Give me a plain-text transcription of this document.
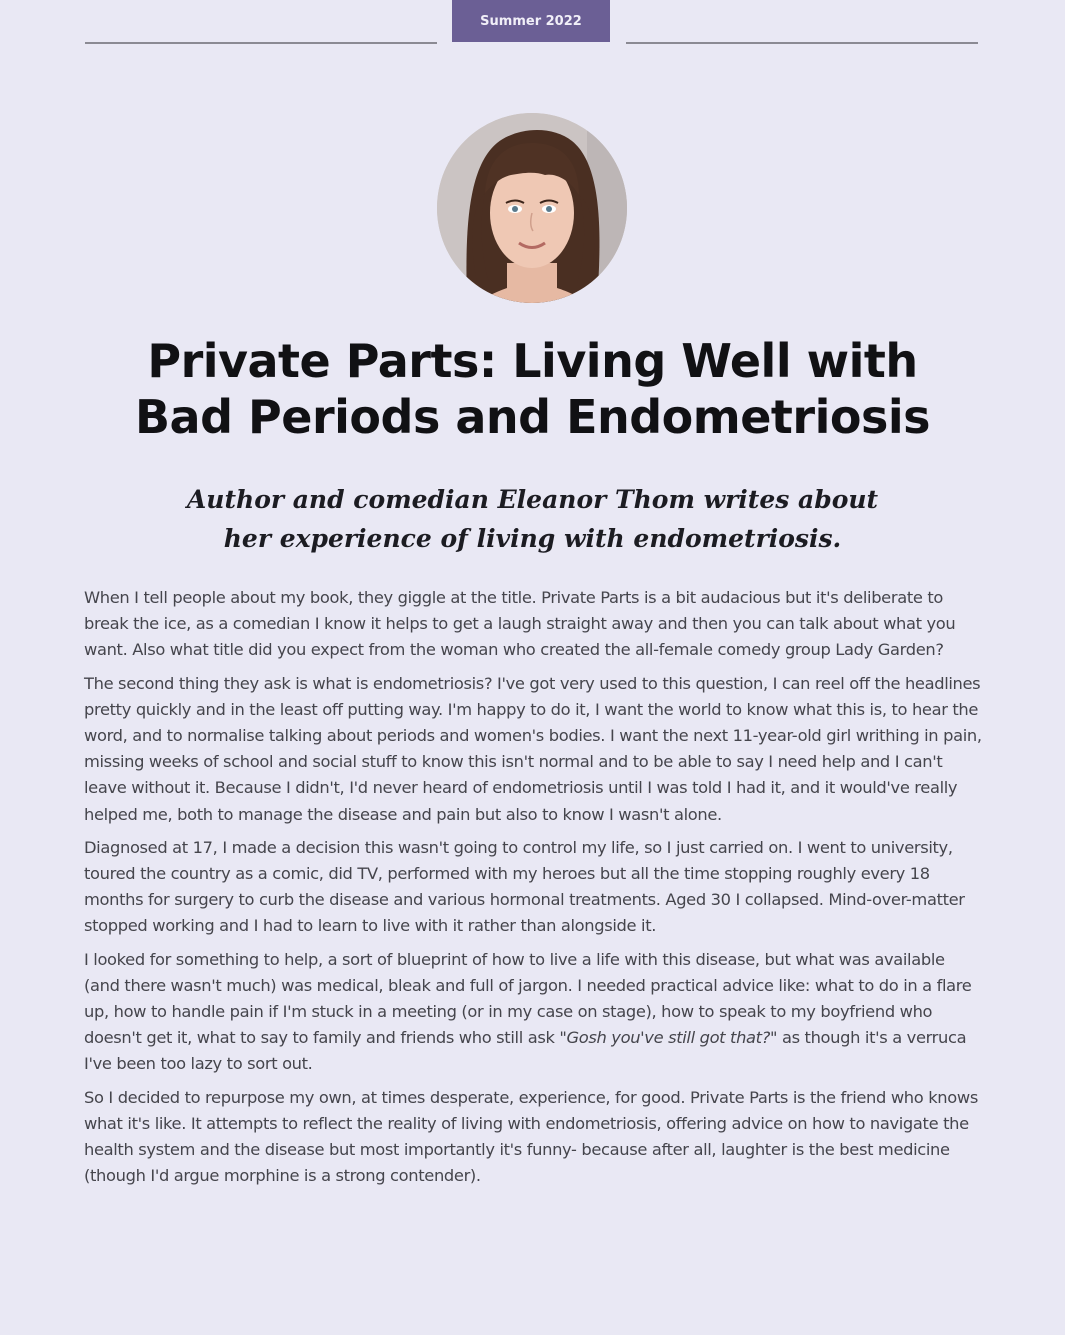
Summer 2022
Private Parts: Living Well with
Bad Periods and Endometriosis
Author and comedian Eleanor Thom writes about
her experience of living with endometriosis.

When I tell people about my book, they giggle at the title. Private Parts is a bit audacious but it's deliberate to break the ice, as a comedian I know it helps to get a laugh straight away and then you can talk about what you want. Also what title did you expect from the woman who created the all-female comedy group Lady Garden?

The second thing they ask is what is endometriosis? I've got very used to this question, I can reel off the headlines pretty quickly and in the least off putting way. I'm happy to do it, I want the world to know what this is, to hear the word, and to normalise talking about periods and women's bodies. I want the next 11-year-old girl writhing in pain, missing weeks of school and social stuff to know this isn't normal and to be able to say I need help and I can't leave without it. Because I didn't, I'd never heard of endometriosis until I was told I had it, and it would've really helped me, both to manage the disease and pain but also to know I wasn't alone.

Diagnosed at 17, I made a decision this wasn't going to control my life, so I just carried on. I went to university, toured the country as a comic, did TV, performed with my heroes but all the time stopping roughly every 18 months for surgery to curb the disease and various hormonal treatments. Aged 30 I collapsed. Mind-over-matter stopped working and I had to learn to live with it rather than alongside it.

I looked for something to help, a sort of blueprint of how to live a life with this disease, but what was available (and there wasn't much) was medical, bleak and full of jargon. I needed practical advice like: what to do in a flare up, how to handle pain if I'm stuck in a meeting (or in my case on stage), how to speak to my boyfriend who doesn't get it, what to say to family and friends who still ask "Gosh you've still got that?" as though it's a verruca I've been too lazy to sort out.

So I decided to repurpose my own, at times desperate, experience, for good. Private Parts is the friend who knows what it's like. It attempts to reflect the reality of living with endometriosis, offering advice on how to navigate the health system and the disease but most importantly it's funny- because after all, laughter is the best medicine (though I'd argue morphine is a strong contender).
